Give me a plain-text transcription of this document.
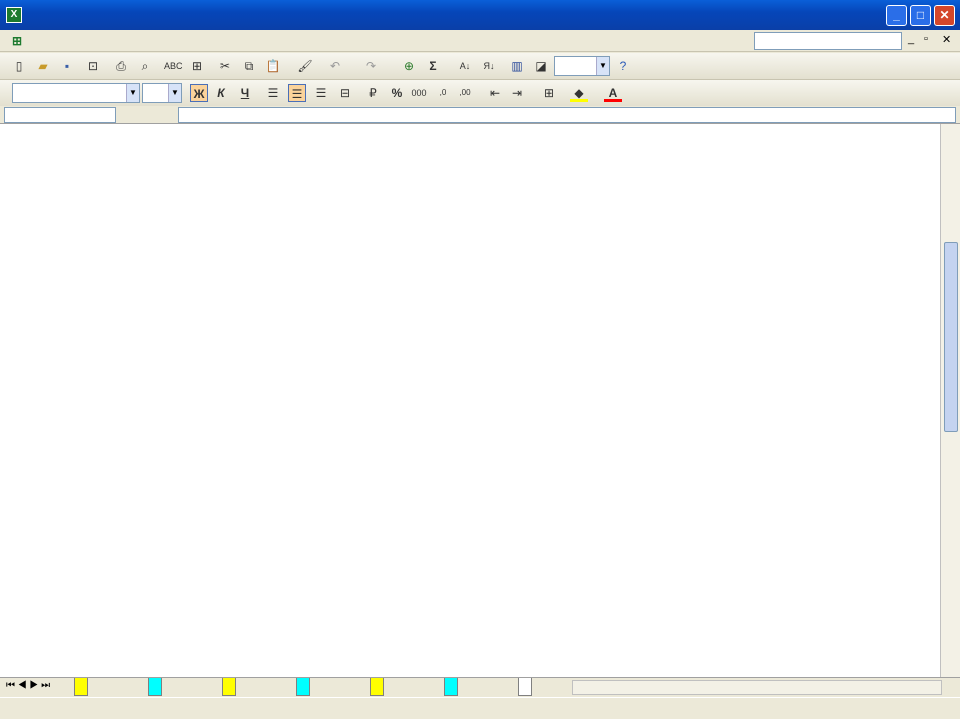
X	_	□	✕
⊞	_ ▫ ✕
▯	▰	▪	⊡	⎙	⌕	ABC ⊞	✂	⧉	📋 🖌	↶	↷	⊕	Σ	А↓	Я↓ ▥ ◪	▼	?
▼	▼ Ж	К	Ч	☰	☰	☰	⊟	₽	%	000	,0	,00	⇤ ⇥	⊞	◆	A
⏮ ◀ ▶ ⏭
